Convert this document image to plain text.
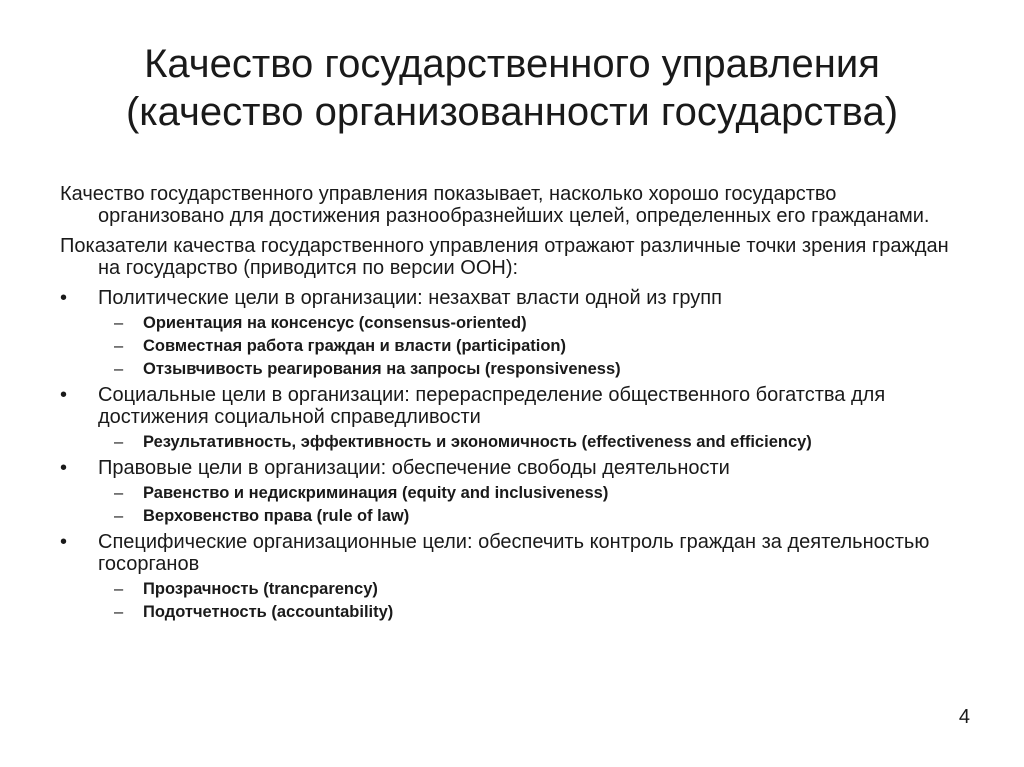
Качество государственного управления
(качество организованности государства)

Качество государственного управления показывает, насколько хорошо государство организовано для достижения разнообразнейших целей, определенных его гражданами.

Показатели качества государственного управления отражают различные точки зрения граждан на государство (приводится по версии ООН):

•	Политические цели в организации: незахват власти одной из групп
– Ориентация на консенсус (consensus-oriented)
– Совместная работа граждан и власти (participation)
– Отзывчивость реагирования на запросы (responsiveness)
•	Социальные цели в организации: перераспределение общественного богатства для достижения социальной справедливости
– Результативность, эффективность и экономичность (effectiveness and efficiency)
•	Правовые цели в организации: обеспечение свободы деятельности
– Равенство и недискриминация (equity and inclusiveness)
– Верховенство права (rule of law)
•	Специфические организационные цели: обеспечить контроль граждан за деятельностью госорганов
– Прозрачность (trancparency)
– Подотчетность (accountability)
4
